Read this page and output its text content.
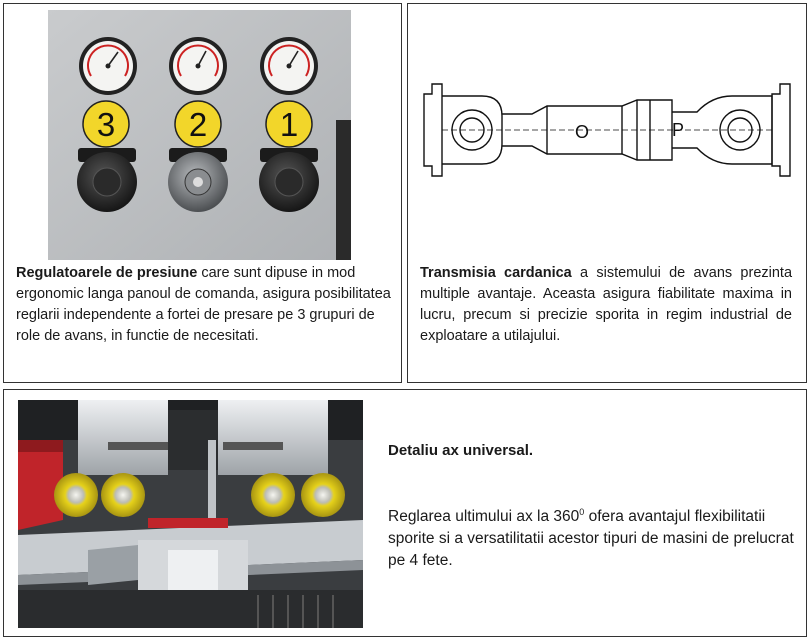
3 2 1
Regulatoarele de presiune care sunt dipuse in mod ergonomic langa panoul de comanda, asigura posibilitatea reglarii independente a fortei de presare pe 3 grupuri de role de avans, in functie de necesitati.
O	P
Transmisia cardanica a sistemului de avans prezinta multiple avantaje. Aceasta asigura fiabilitate maxima in lucru, precum si precizie sporita in regim industrial de exploatare a utilajului.
Detaliu ax universal.
Reglarea ultimului ax la $360^0$ ofera avantajul flexibilitatii sporite si a versatilitatii acestor tipuri de masini de prelucrat pe 4 fete.
